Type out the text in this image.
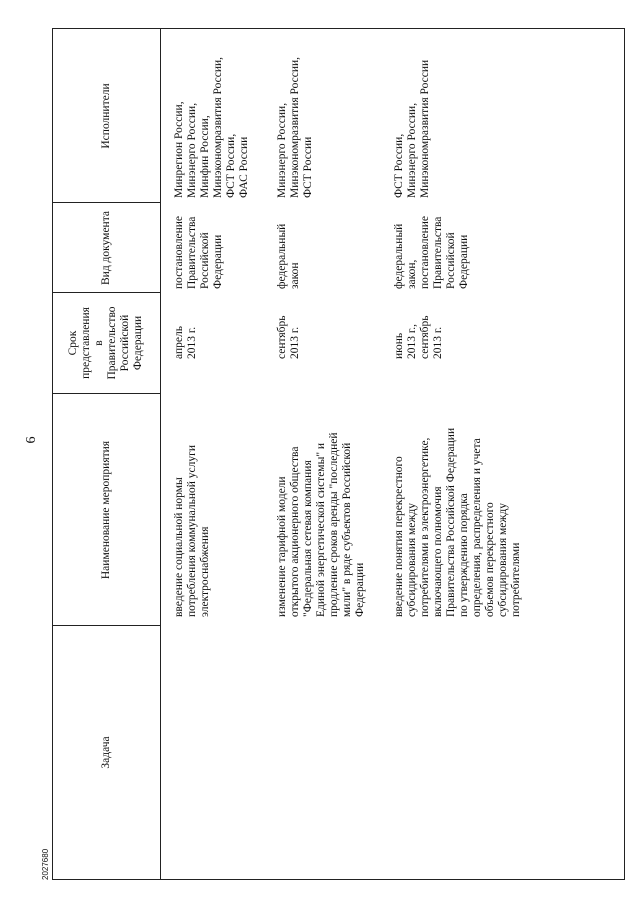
6
Задача
Наименование мероприятия
Срок представления в Правительство Российской Федерации
Вид документа
Исполнители
введение социальной нормы
потребления коммунальной услуги
электроснабжения
апрель
2013 г.
постановление
Правительства
Российской
Федерации
Минрегион России,
Минэнерго России,
Минфин России,
Минэкономразвития России,
ФСТ России,
ФАС России
изменение тарифной модели
открытого акционерного общества
"Федеральная сетевая компания
Единой энергетической системы" и
продление сроков аренды "последней
мили" в ряде субъектов Российской
Федерации
сентябрь
2013 г.
федеральный
закон
Минэнерго России,
Минэкономразвития России,
ФСТ России
введение понятия перекрестного
субсидирования между
потребителями в электроэнергетике,
включающего полномочия
Правительства Российской Федерации
по утверждению порядка
определения, распределения и учета
объемов перекрестного
субсидирования между
потребителями
июнь
2013 г.,
сентябрь
2013 г.
федеральный
закон,
постановление
Правительства
Российской
Федерации
ФСТ России,
Минэнерго России,
Минэкономразвития России
2027680
